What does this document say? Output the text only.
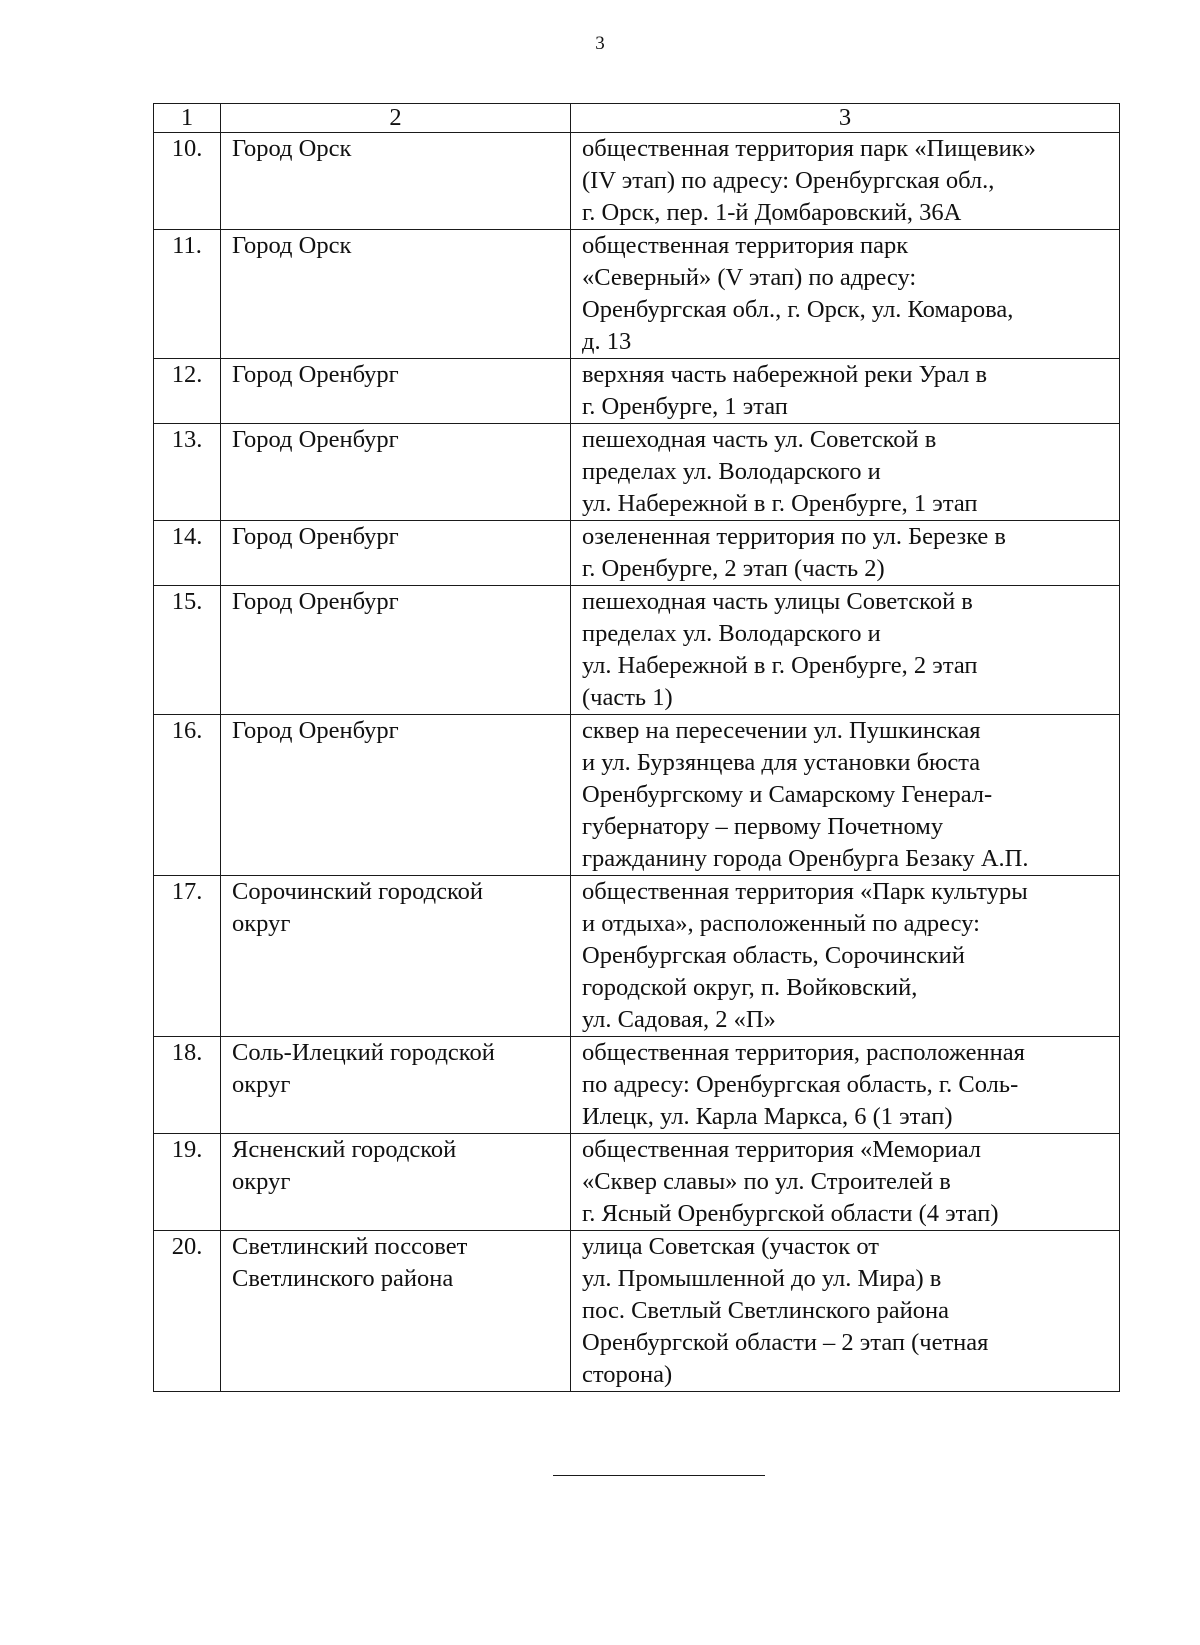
3
1	2	3
10.	Город Орск	общественная территория парк «Пищевик»
(IV этап) по адресу: Оренбургская обл.,
г. Орск, пер. 1-й Домбаровский, 36А

11.	Город Орск	общественная территория парк
«Северный» (V этап) по адресу:
Оренбургская обл., г. Орск, ул. Комарова,
д. 13

12.	Город Оренбург	верхняя часть набережной реки Урал в
г. Оренбурге, 1 этап

13.	Город Оренбург	пешеходная часть ул. Советской в
пределах ул. Володарского и
ул. Набережной в г. Оренбурге, 1 этап

14.	Город Оренбург	озелененная территория по ул. Березке в
г. Оренбурге, 2 этап (часть 2)

15.	Город Оренбург	пешеходная часть улицы Советской в
пределах ул. Володарского и
ул. Набережной в г. Оренбурге, 2 этап
(часть 1)

16.	Город Оренбург	сквер на пересечении ул. Пушкинская
и ул. Бурзянцева для установки бюста
Оренбургскому и Самарскому Генерал-
губернатору – первому Почетному
гражданину города Оренбурга Безаку А.П.

17.	Сорочинский городской
округ	общественная территория «Парк культуры
и отдыха», расположенный по адресу:
Оренбургская область, Сорочинский
городской округ, п. Войковский,
ул. Садовая, 2 «П»

18.	Соль-Илецкий городской
округ	общественная территория, расположенная
по адресу: Оренбургская область, г. Соль-
Илецк, ул. Карла Маркса, 6 (1 этап)

19.	Ясненский городской
округ	общественная территория «Мемориал
«Сквер славы» по ул. Строителей в
г. Ясный Оренбургской области (4 этап)

20.	Светлинский поссовет
Светлинского района	улица Советская (участок от
ул. Промышленной до ул. Мира) в
пос. Светлый Светлинского района
Оренбургской области – 2 этап (четная
сторона)
